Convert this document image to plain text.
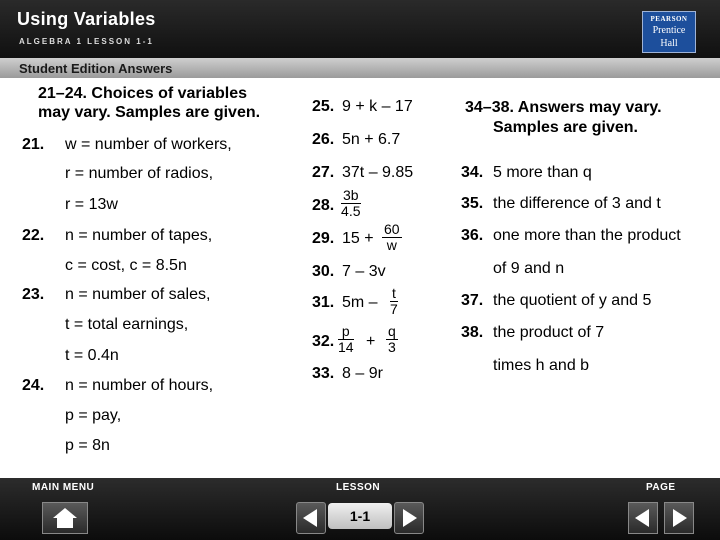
Using Variables
ALGEBRA 1 LESSON 1-1
PEARSON
Prentice
Hall
Student Edition Answers
21–24. Choices of variables
may vary. Samples are given.
21. w = number of workers,
r = number of radios,
r = 13w
22. n = number of tapes,
c = cost, c = 8.5n
23. n = number of sales,
t = total earnings,
t = 0.4n
24. n = number of hours,
p = pay,
p = 8n
25. 9 + k – 17
26. 5n + 6.7
27. 37t – 9.85
28. $\frac{3b}{4.5}$
29. $15 + \frac{60}{w}$
30. 7 – 3v
31. $5m - \frac{t}{7}$
32. $\frac{p}{14} + \frac{q}{3}$
33. 8 – 9r
34–38. Answers may vary.
Samples are given.
34. 5 more than q
35. the difference of 3 and t
36. one more than the product
of 9 and n
37. the quotient of y and 5
38. the product of 7
times h and b
MAIN MENU	LESSON	PAGE
1-1
